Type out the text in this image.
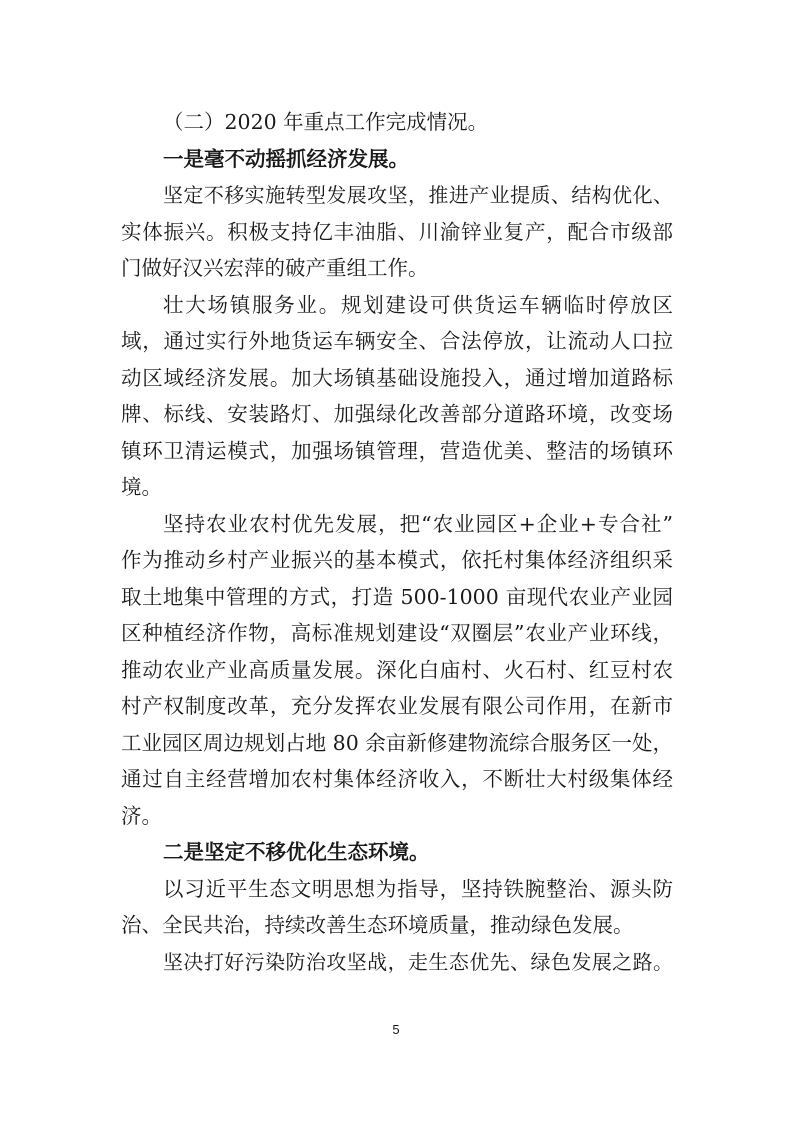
（二）2020 年重点工作完成情况。
一是毫不动摇抓经济发展。
坚定不移实施转型发展攻坚，推进产业提质、结构优化、
实体振兴。积极支持亿丰油脂、川渝锌业复产，配合市级部
门做好汉兴宏萍的破产重组工作。
壮大场镇服务业。规划建设可供货运车辆临时停放区
域，通过实行外地货运车辆安全、合法停放，让流动人口拉
动区域经济发展。加大场镇基础设施投入，通过增加道路标
牌、标线、安装路灯、加强绿化改善部分道路环境，改变场
镇环卫清运模式，加强场镇管理，营造优美、整洁的场镇环
境。
坚持农业农村优先发展，把“农业园区+企业+专合社”
作为推动乡村产业振兴的基本模式，依托村集体经济组织采
取土地集中管理的方式，打造 500-1000 亩现代农业产业园
区种植经济作物，高标准规划建设“双圈层”农业产业环线，
推动农业产业高质量发展。深化白庙村、火石村、红豆村农
村产权制度改革，充分发挥农业发展有限公司作用，在新市
工业园区周边规划占地 80 余亩新修建物流综合服务区一处，
通过自主经营增加农村集体经济收入，不断壮大村级集体经
济。
二是坚定不移优化生态环境。
以习近平生态文明思想为指导，坚持铁腕整治、源头防
治、全民共治，持续改善生态环境质量，推动绿色发展。
坚决打好污染防治攻坚战，走生态优先、绿色发展之路。
5
